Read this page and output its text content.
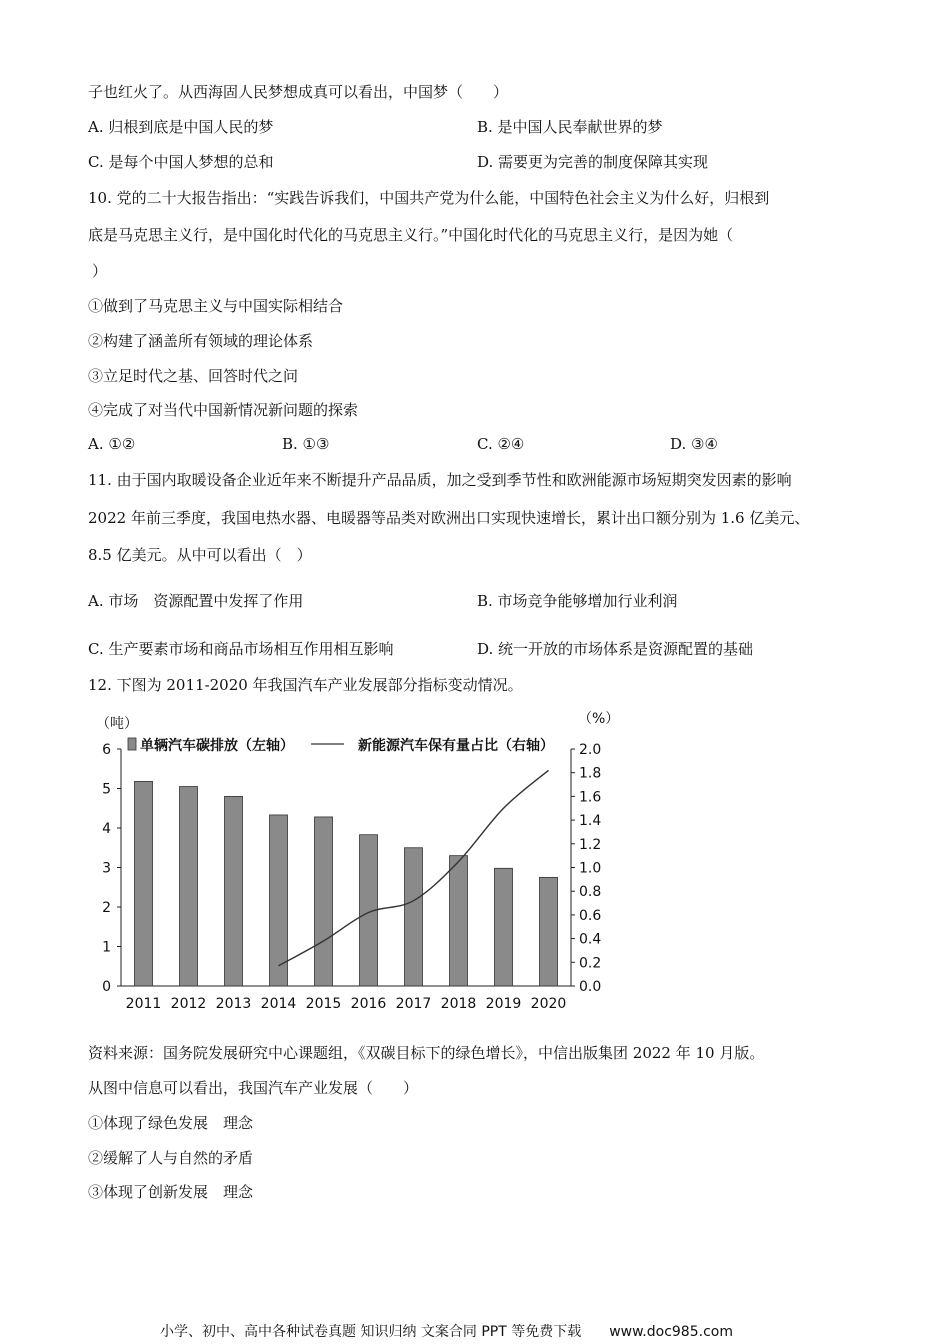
子也红火了。从西海固人民梦想成真可以看出，中国梦（　　）
A. 归根到底是中国人民的梦	B. 是中国人民奉献世界的梦
C. 是每个中国人梦想的总和	D. 需要更为完善的制度保障其实现
10. 党的二十大报告指出：“实践告诉我们，中国共产党为什么能，中国特色社会主义为什么好，归根到
底是马克思主义行，是中国化时代化的马克思主义行。”中国化时代化的马克思主义行，是因为她（
）
①做到了马克思主义与中国实际相结合
②构建了涵盖所有领域的理论体系
③立足时代之基、回答时代之问
④完成了对当代中国新情况新问题的探索
A. ①②	B. ①③	C. ②④	D. ③④
11. 由于国内取暖设备企业近年来不断提升产品品质，加之受到季节性和欧洲能源市场短期突发因素的影响
2022 年前三季度，我国电热水器、电暖器等品类对欧洲出口实现快速增长，累计出口额分别为 1.6 亿美元、
8.5 亿美元。从中可以看出（　）
A. 市场　资源配置中发挥了作用	B. 市场竞争能够增加行业利润
C. 生产要素市场和商品市场相互作用相互影响	D. 统一开放的市场体系是资源配置的基础
12. 下图为 2011-2020 年我国汽车产业发展部分指标变动情况。
（吨）	（%）
0
1
2
3
4
5
6
0.0
0.2
0.4
0.6
0.8
1.0
1.2
1.4
1.6
1.8
2.0
2011 2012 2013 2014 2015 2016 2017 2018 2019 2020
单辆汽车碳排放（左轴）	新能源汽车保有量占比（右轴）
资料来源：国务院发展研究中心课题组，《双碳目标下的绿色增长》，中信出版集团 2022 年 10 月版。
从图中信息可以看出，我国汽车产业发展（　　）
①体现了绿色发展　理念
②缓解了人与自然的矛盾
③体现了创新发展　理念
小学、初中、高中各种试卷真题 知识归纳 文案合同 PPT 等免费下载　　www.doc985.com
